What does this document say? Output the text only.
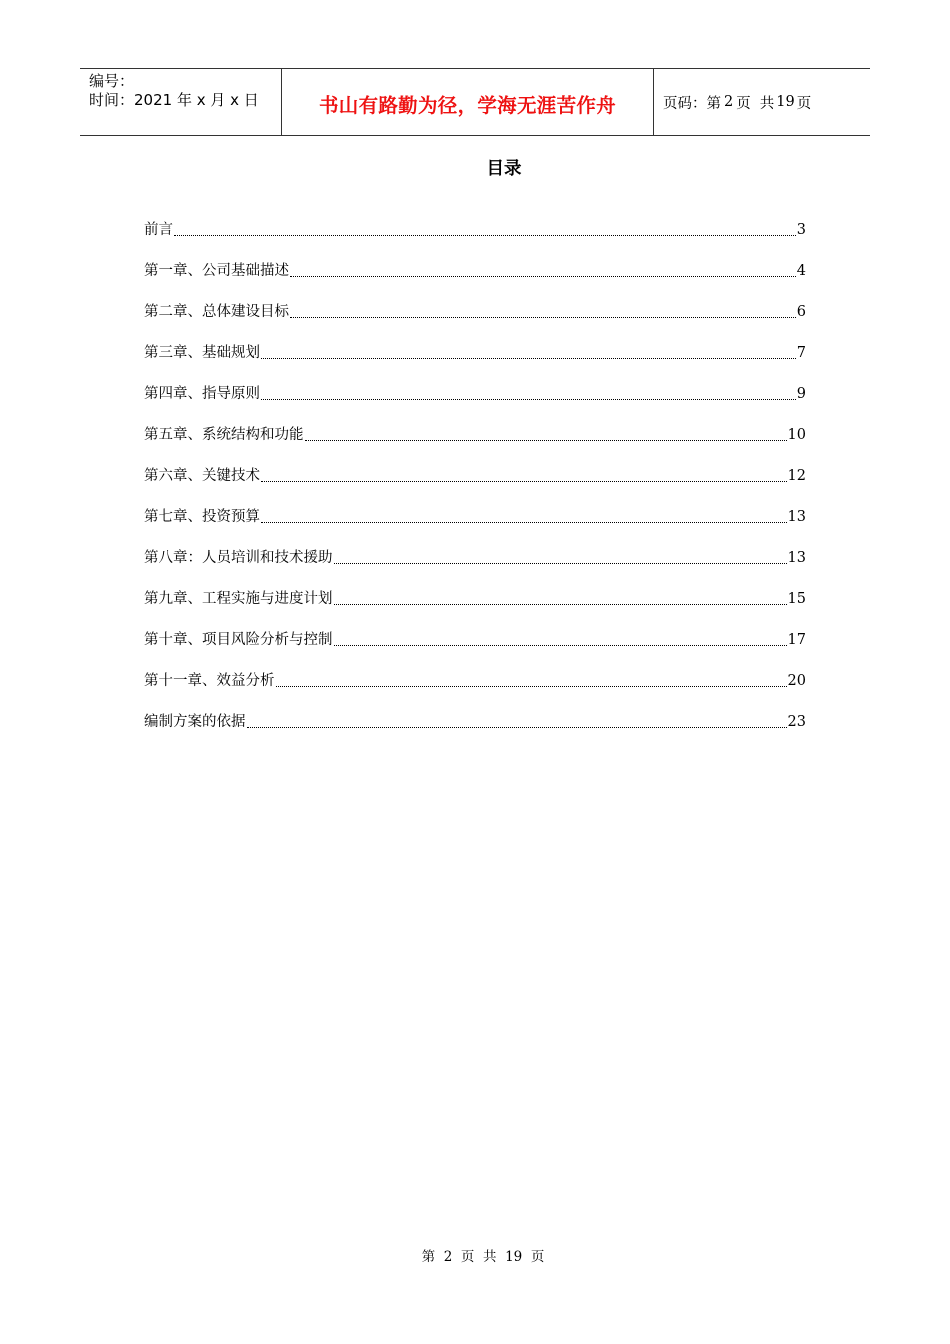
编号：
时间：2021 年 x 月 x 日	书山有路勤为径，学海无涯苦作舟	页码：第 2 页 共 19 页
目录
前言	3
第一章、公司基础描述	4
第二章、总体建设目标	6
第三章、基础规划	7
第四章、指导原则	9
第五章、系统结构和功能	10
第六章、关键技术	12
第七章、投资预算	13
第八章：人员培训和技术援助	13
第九章、工程实施与进度计划	15
第十章、项目风险分析与控制	17
第十一章、效益分析	20
编制方案的依据	23
第  2  页  共  19  页
